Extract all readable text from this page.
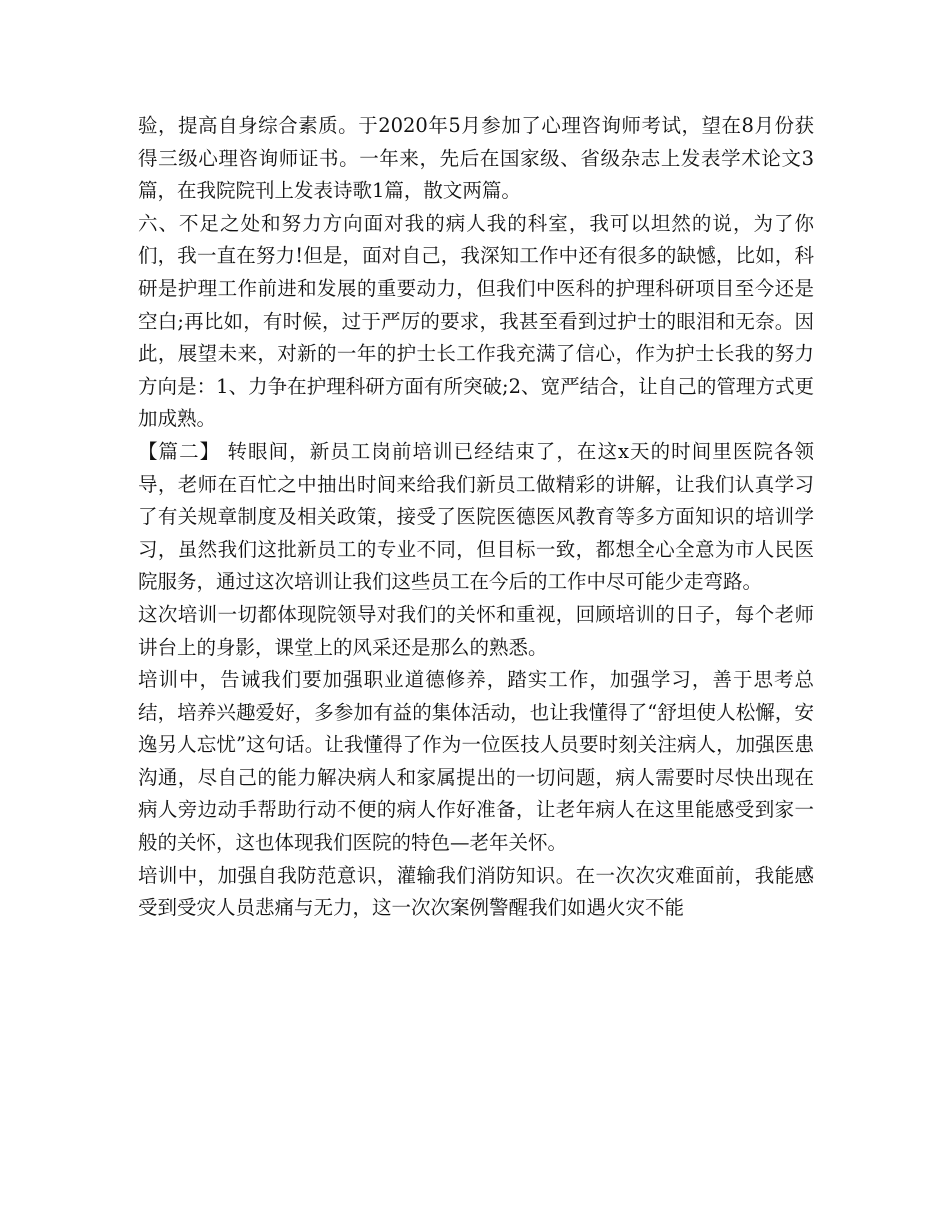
验，提高自身综合素质。于2020年5月参加了心理咨询师考试，望在8月份获得三级心理咨询师证书。一年来，先后在国家级、省级杂志上发表学术论文3篇，在我院院刊上发表诗歌1篇，散文两篇。

六、不足之处和努力方向面对我的病人我的科室，我可以坦然的说，为了你们，我一直在努力!但是，面对自己，我深知工作中还有很多的缺憾，比如，科研是护理工作前进和发展的重要动力，但我们中医科的护理科研项目至今还是空白;再比如，有时候，过于严厉的要求，我甚至看到过护士的眼泪和无奈。因此，展望未来，对新的一年的护士长工作我充满了信心，作为护士长我的努力方向是：1、力争在护理科研方面有所突破;2、宽严结合，让自己的管理方式更加成熟。

【篇二】 转眼间，新员工岗前培训已经结束了，在这x天的时间里医院各领导，老师在百忙之中抽出时间来给我们新员工做精彩的讲解，让我们认真学习了有关规章制度及相关政策，接受了医院医德医风教育等多方面知识的培训学习，虽然我们这批新员工的专业不同，但目标一致，都想全心全意为市人民医院服务，通过这次培训让我们这些员工在今后的工作中尽可能少走弯路。

这次培训一切都体现院领导对我们的关怀和重视，回顾培训的日子，每个老师讲台上的身影，课堂上的风采还是那么的熟悉。

培训中，告诫我们要加强职业道德修养，踏实工作，加强学习，善于思考总结，培养兴趣爱好，多参加有益的集体活动，也让我懂得了“舒坦使人松懈，安逸另人忘忧”这句话。让我懂得了作为一位医技人员要时刻关注病人，加强医患沟通，尽自己的能力解决病人和家属提出的一切问题，病人需要时尽快出现在病人旁边动手帮助行动不便的病人作好准备，让老年病人在这里能感受到家一般的关怀，这也体现我们医院的特色—老年关怀。

培训中，加强自我防范意识，灌输我们消防知识。在一次次灾难面前，我能感受到受灾人员悲痛与无力，这一次次案例警醒我们如遇火灾不能
